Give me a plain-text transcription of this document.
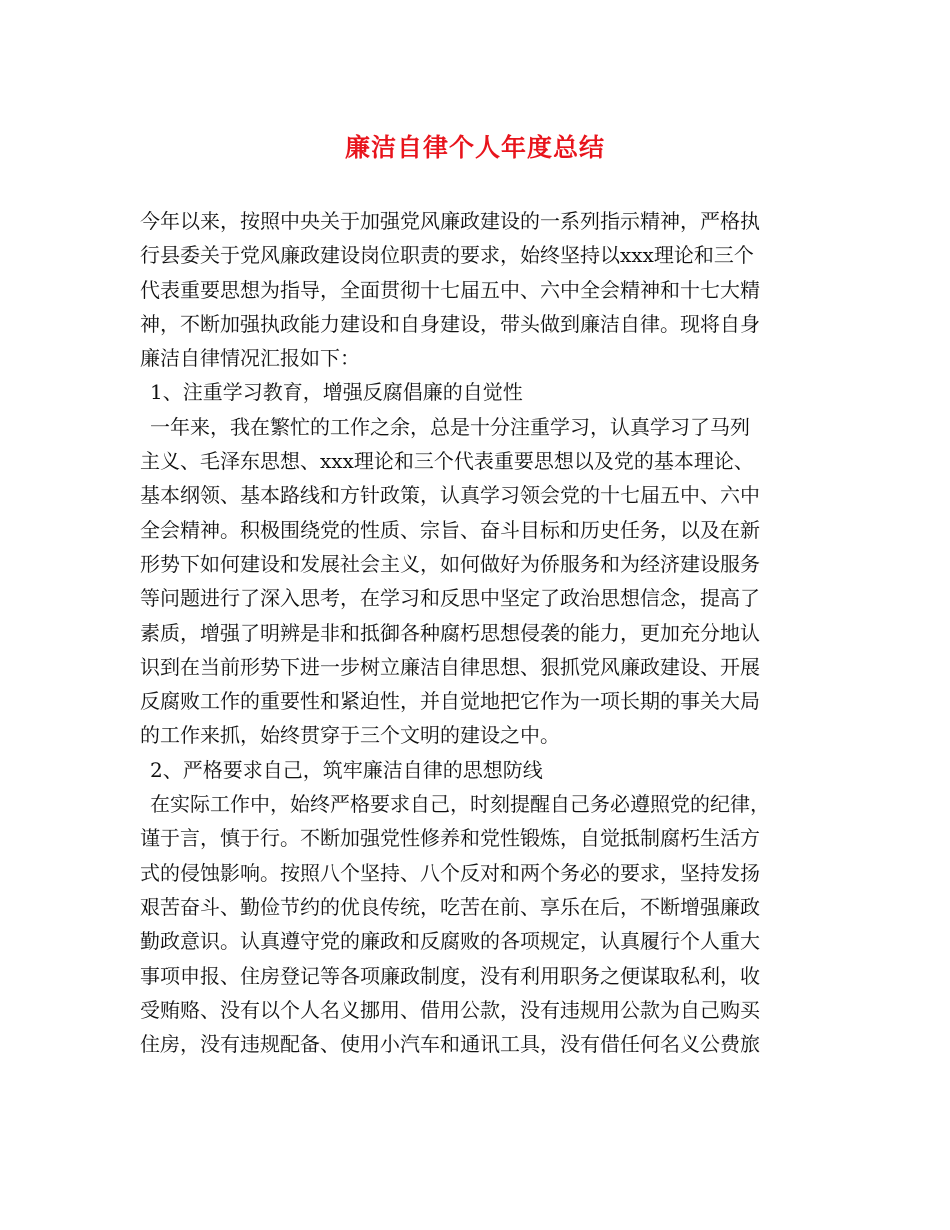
廉洁自律个人年度总结
今年以来，按照中央关于加强党风廉政建设的一系列指示精神，严格执
行县委关于党风廉政建设岗位职责的要求，始终坚持以xxx理论和三个
代表重要思想为指导，全面贯彻十七届五中、六中全会精神和十七大精
神，不断加强执政能力建设和自身建设，带头做到廉洁自律。现将自身
廉洁自律情况汇报如下：
1、注重学习教育，增强反腐倡廉的自觉性
一年来，我在繁忙的工作之余，总是十分注重学习，认真学习了马列
主义、毛泽东思想、xxx理论和三个代表重要思想以及党的基本理论、
基本纲领、基本路线和方针政策，认真学习领会党的十七届五中、六中
全会精神。积极围绕党的性质、宗旨、奋斗目标和历史任务，以及在新
形势下如何建设和发展社会主义，如何做好为侨服务和为经济建设服务
等问题进行了深入思考，在学习和反思中坚定了政治思想信念，提高了
素质，增强了明辨是非和抵御各种腐朽思想侵袭的能力，更加充分地认
识到在当前形势下进一步树立廉洁自律思想、狠抓党风廉政建设、开展
反腐败工作的重要性和紧迫性，并自觉地把它作为一项长期的事关大局
的工作来抓，始终贯穿于三个文明的建设之中。
2、严格要求自己，筑牢廉洁自律的思想防线
在实际工作中，始终严格要求自己，时刻提醒自己务必遵照党的纪律，
谨于言，慎于行。不断加强党性修养和党性锻炼，自觉抵制腐朽生活方
式的侵蚀影响。按照八个坚持、八个反对和两个务必的要求，坚持发扬
艰苦奋斗、勤俭节约的优良传统，吃苦在前、享乐在后，不断增强廉政
勤政意识。认真遵守党的廉政和反腐败的各项规定，认真履行个人重大
事项申报、住房登记等各项廉政制度，没有利用职务之便谋取私利，收
受贿赂、没有以个人名义挪用、借用公款，没有违规用公款为自己购买
住房，没有违规配备、使用小汽车和通讯工具，没有借任何名义公费旅
